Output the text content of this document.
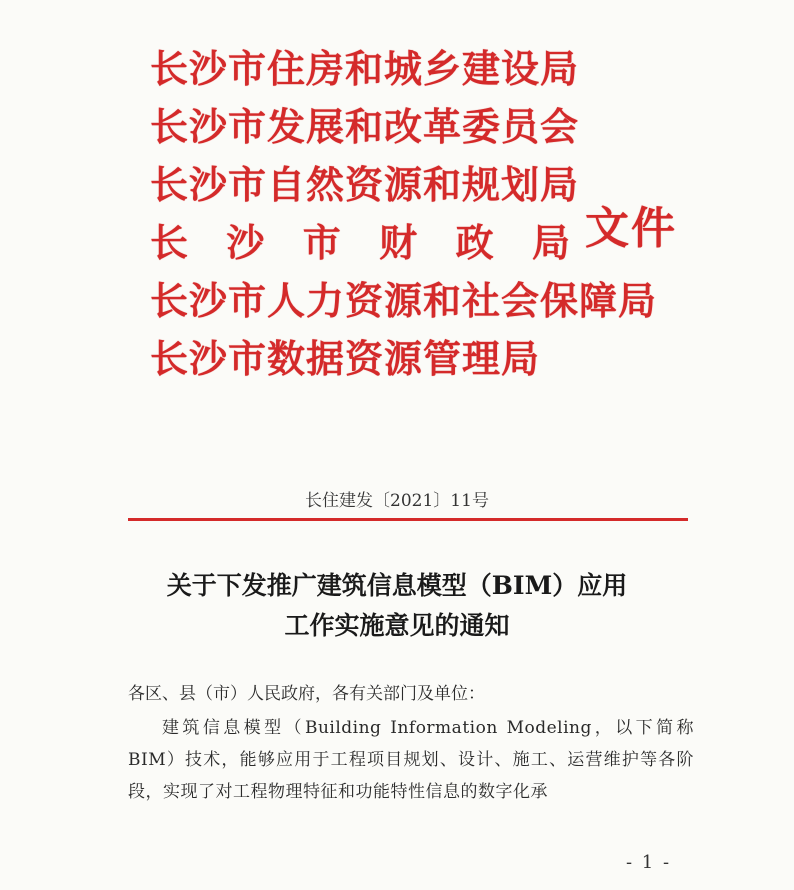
长沙市住房和城乡建设局
长沙市发展和改革委员会
长沙市自然资源和规划局
长 沙 市 财 政 局
长沙市人力资源和社会保障局
长沙市数据资源管理局
文件
长住建发〔2021〕11号
关于下发推广建筑信息模型（BIM）应用
工作实施意见的通知

各区、县（市）人民政府，各有关部门及单位：

建筑信息模型（Building Information Modeling，以下简称BIM）技术，能够应用于工程项目规划、设计、施工、运营维护等各阶段，实现了对工程物理特征和功能特性信息的数字化承

- 1 -
